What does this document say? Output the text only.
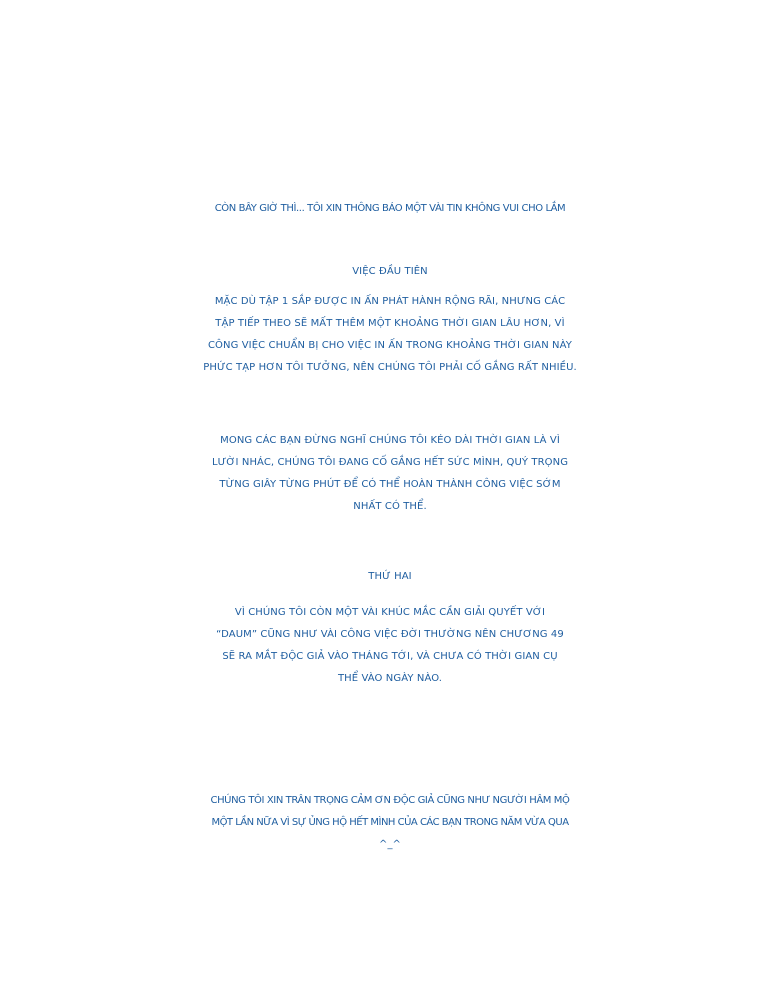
CÒN BÂY GIỜ THÌ... TÔI XIN THÔNG BÁO MỘT VÀI TIN KHÔNG VUI CHO LẮM
VIỆC ĐẦU TIÊN
MẶC DÙ TẬP 1 SẮP ĐƯỢC IN ẤN PHÁT HÀNH RỘNG RÃI, NHƯNG CÁC
TẬP TIẾP THEO SẼ MẤT THÊM MỘT KHOẢNG THỜI GIAN LÂU HƠN, VÌ
CÔNG VIỆC CHUẨN BỊ CHO VIỆC IN ẤN TRONG KHOẢNG THỜI GIAN NÀY
PHỨC TẠP HƠN TÔI TƯỞNG, NÊN CHÚNG TÔI PHẢI CỐ GẮNG RẤT NHIỀU.
MONG CÁC BẠN ĐỪNG NGHĨ CHÚNG TÔI KÉO DÀI THỜI GIAN LÀ VÌ
LƯỜI NHÁC, CHÚNG TÔI ĐANG CỐ GẮNG HẾT SỨC MÌNH, QUÝ TRỌNG
TỪNG GIÂY TỪNG PHÚT ĐỂ CÓ THỂ HOÀN THÀNH CÔNG VIỆC SỚM
NHẤT CÓ THỂ.
THỨ HAI
VÌ CHÚNG TÔI CÒN MỘT VÀI KHÚC MẮC CẦN GIẢI QUYẾT VỚI
“DAUM” CŨNG NHƯ VÀI CÔNG VIỆC ĐỜI THƯỜNG NÊN CHƯƠNG 49
SẼ RA MẮT ĐỘC GIẢ VÀO THÁNG TỚI, VÀ CHƯA CÓ THỜI GIAN CỤ
THỂ VÀO NGÀY NÀO.
CHÚNG TÔI XIN TRÂN TRỌNG CẢM ƠN ĐỘC GIẢ CŨNG NHƯ NGƯỜI HÂM MỘ
MỘT LẦN NỮA VÌ SỰ ỦNG HỘ HẾT MÌNH CỦA CÁC BẠN TRONG NĂM VỪA QUA
^_^
